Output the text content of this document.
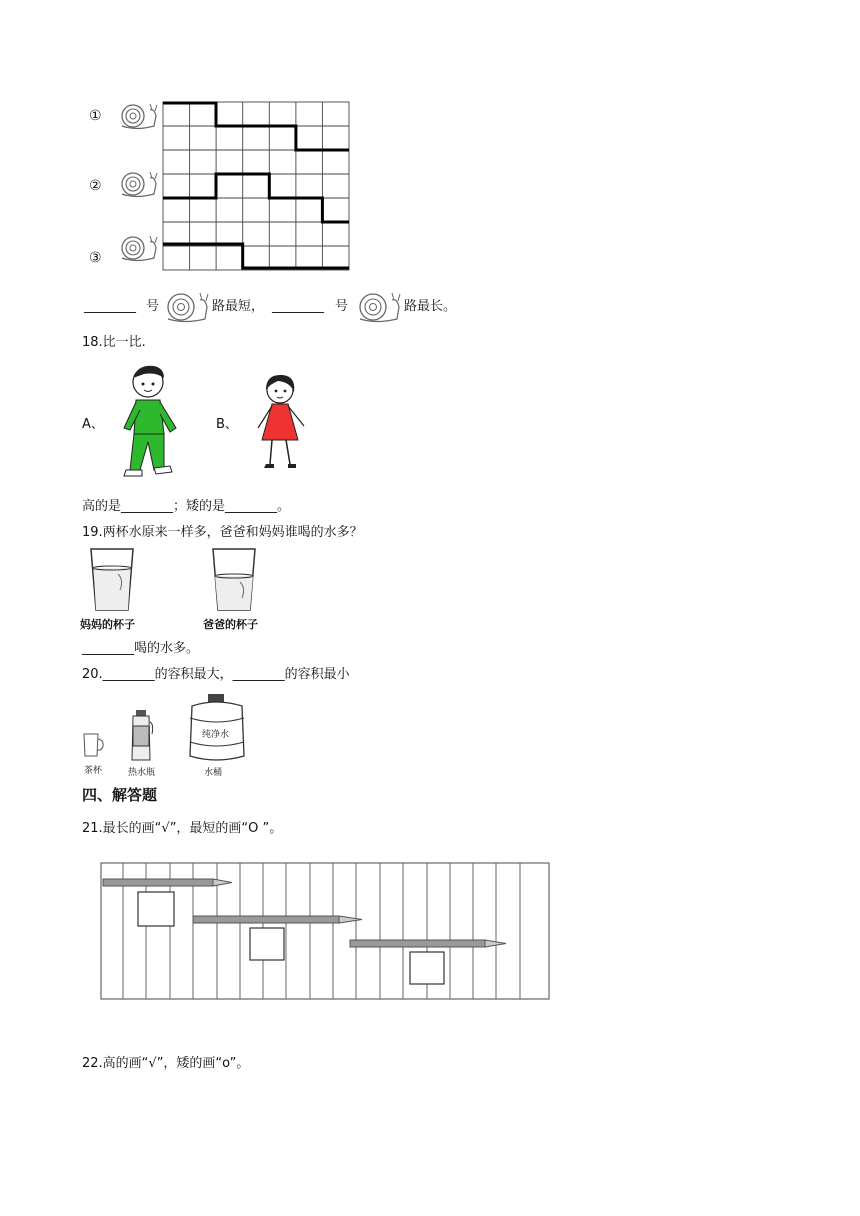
①
②
③
________ 号	路最短， ________ 号	路最长。
18.比一比.
A、	B、
高的是________；矮的是________。
19.两杯水原来一样多，爸爸和妈妈谁喝的水多？
妈妈的杯子	爸爸的杯子
________喝的水多。
20.________的容积最大，________的容积最小
纯净水
茶杯	热水瓶	水桶
四、解答题
21.最长的画“√”，最短的画“O ”。
22.高的画“√”，矮的画“o”。
